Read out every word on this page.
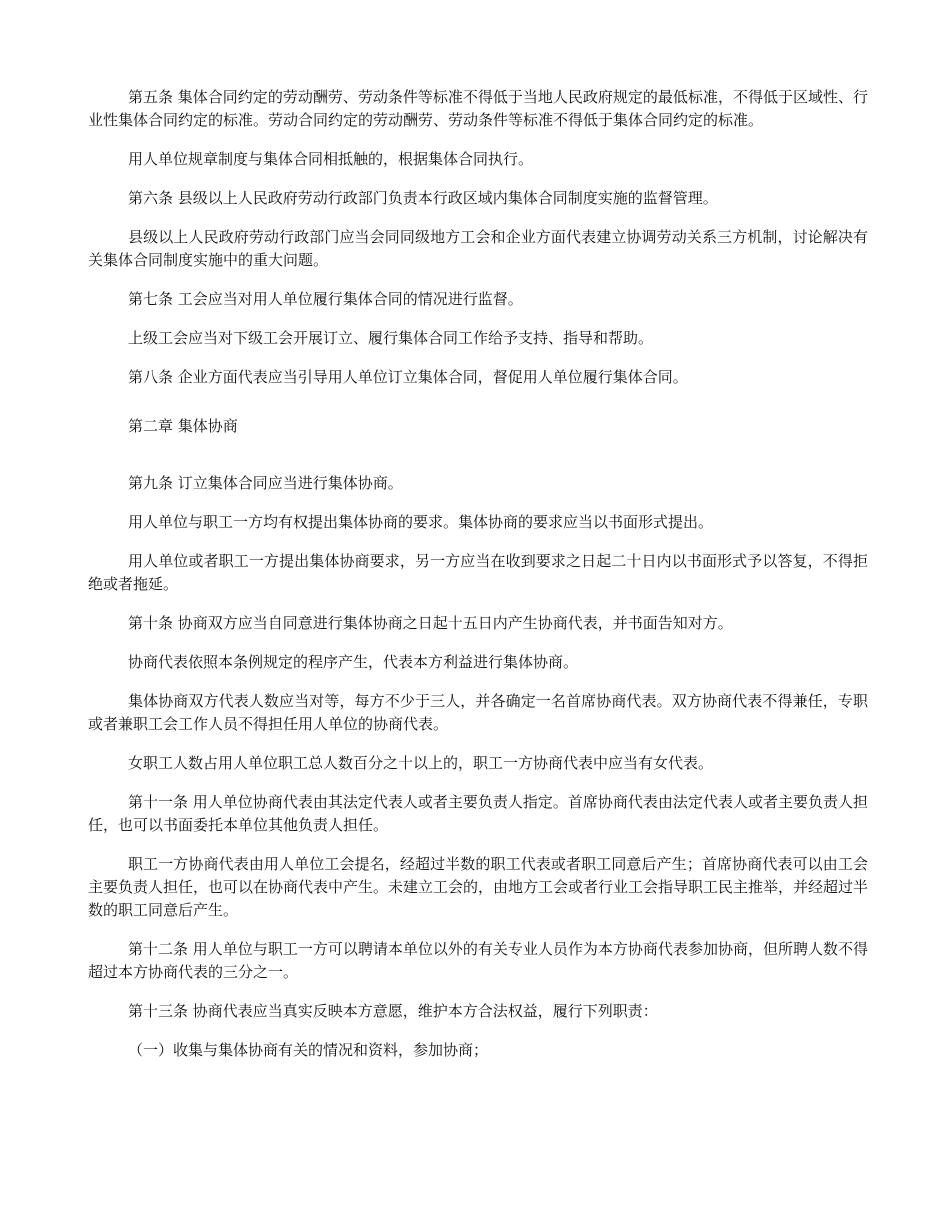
第五条 集体合同约定的劳动酬劳、劳动条件等标准不得低于当地人民政府规定的最低标准，不得低于区域性、行业性集体合同约定的标准。劳动合同约定的劳动酬劳、劳动条件等标准不得低于集体合同约定的标准。

用人单位规章制度与集体合同相抵触的，根据集体合同执行。

第六条 县级以上人民政府劳动行政部门负责本行政区域内集体合同制度实施的监督管理。

县级以上人民政府劳动行政部门应当会同同级地方工会和企业方面代表建立协调劳动关系三方机制，讨论解决有关集体合同制度实施中的重大问题。

第七条 工会应当对用人单位履行集体合同的情况进行监督。

上级工会应当对下级工会开展订立、履行集体合同工作给予支持、指导和帮助。

第八条 企业方面代表应当引导用人单位订立集体合同，督促用人单位履行集体合同。

第二章 集体协商

第九条 订立集体合同应当进行集体协商。

用人单位与职工一方均有权提出集体协商的要求。集体协商的要求应当以书面形式提出。

用人单位或者职工一方提出集体协商要求，另一方应当在收到要求之日起二十日内以书面形式予以答复，不得拒绝或者拖延。

第十条 协商双方应当自同意进行集体协商之日起十五日内产生协商代表，并书面告知对方。

协商代表依照本条例规定的程序产生，代表本方利益进行集体协商。

集体协商双方代表人数应当对等，每方不少于三人，并各确定一名首席协商代表。双方协商代表不得兼任，专职或者兼职工会工作人员不得担任用人单位的协商代表。

女职工人数占用人单位职工总人数百分之十以上的，职工一方协商代表中应当有女代表。

第十一条 用人单位协商代表由其法定代表人或者主要负责人指定。首席协商代表由法定代表人或者主要负责人担任，也可以书面委托本单位其他负责人担任。

职工一方协商代表由用人单位工会提名，经超过半数的职工代表或者职工同意后产生；首席协商代表可以由工会主要负责人担任，也可以在协商代表中产生。未建立工会的，由地方工会或者行业工会指导职工民主推举，并经超过半数的职工同意后产生。

第十二条 用人单位与职工一方可以聘请本单位以外的有关专业人员作为本方协商代表参加协商，但所聘人数不得超过本方协商代表的三分之一。

第十三条 协商代表应当真实反映本方意愿，维护本方合法权益，履行下列职责：

（一）收集与集体协商有关的情况和资料，参加协商；
